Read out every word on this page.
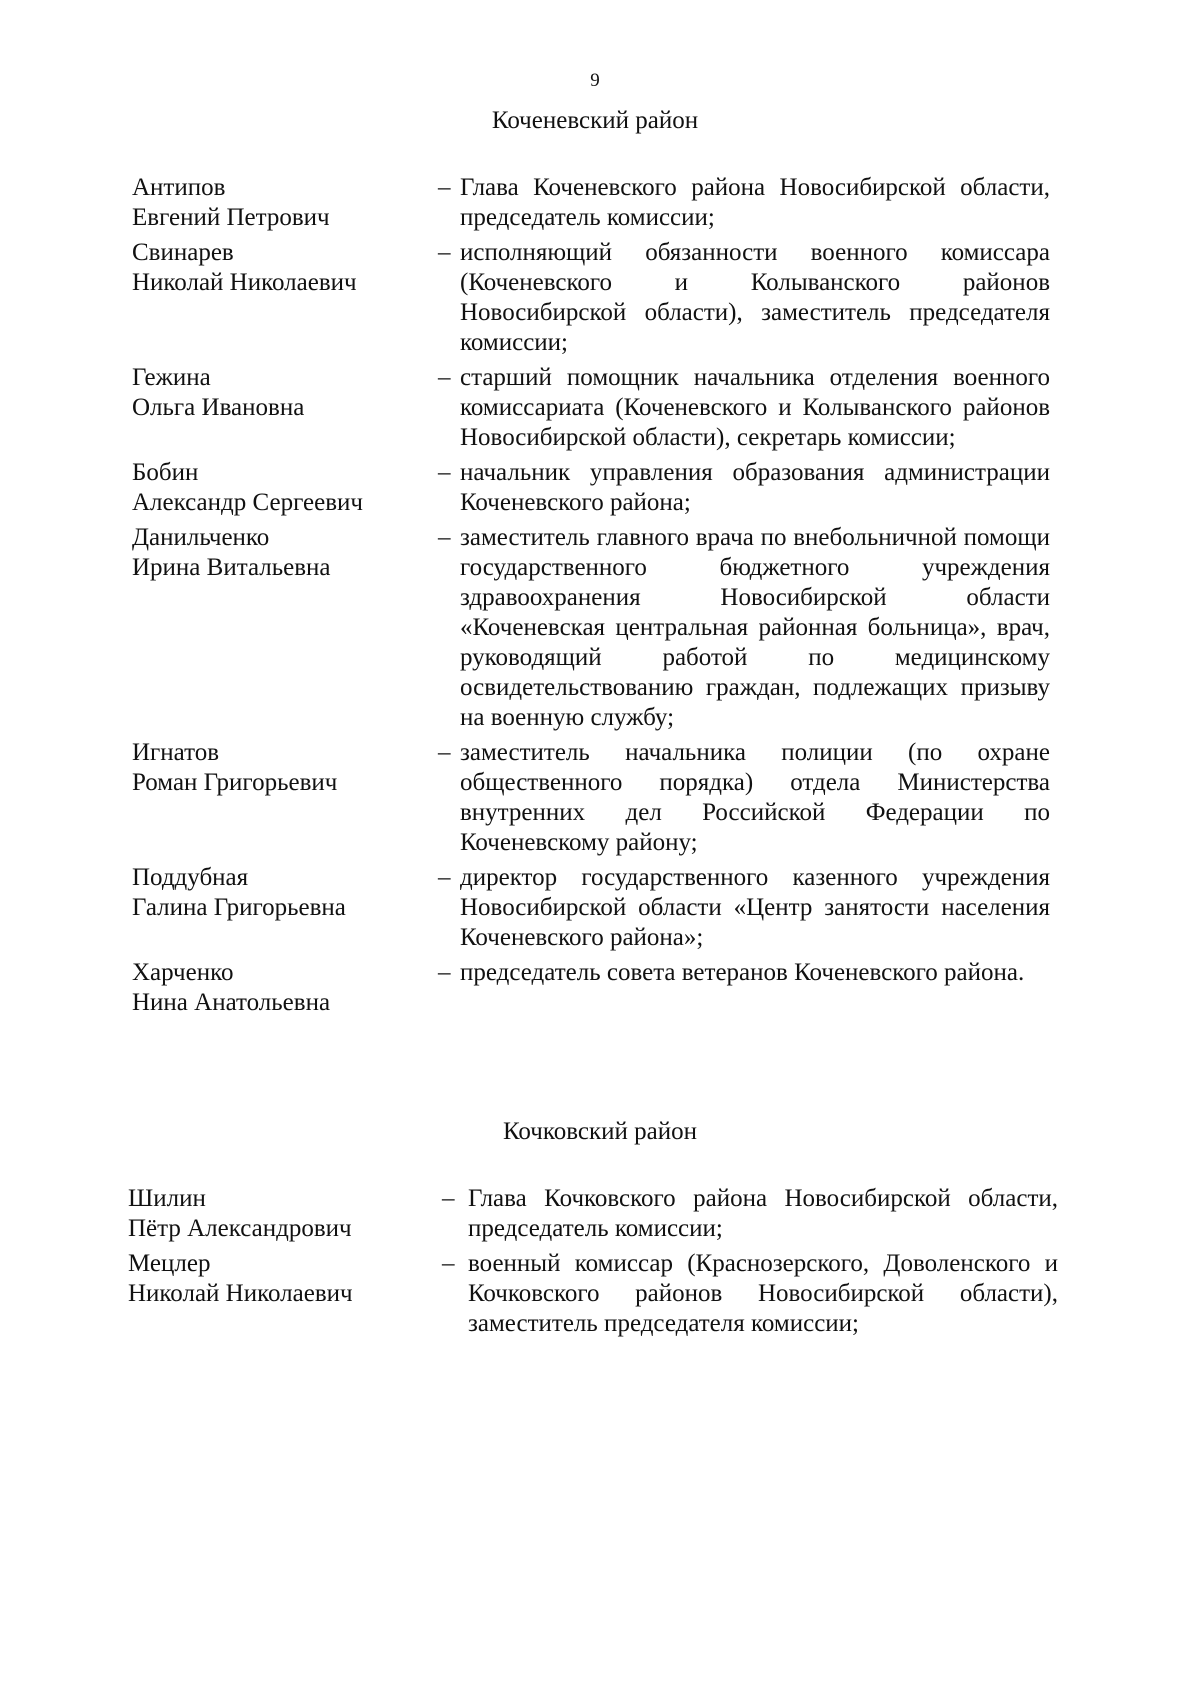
9
Коченевский район
Антипов
Евгений Петрович
– Глава Коченевского района Новосибирской области, председатель комиссии;
Свинарев
Николай Николаевич
– исполняющий обязанности военного комиссара (Коченевского и Колыванского районов Новосибирской области), заместитель председателя комиссии;
Гежина
Ольга Ивановна
– старший помощник начальника отделения военного комиссариата (Коченевского и Колыванского районов Новосибирской области), секретарь комиссии;
Бобин
Александр Сергеевич
– начальник управления образования администрации Коченевского района;
Данильченко
Ирина Витальевна
– заместитель главного врача по внебольничной помощи государственного бюджетного учреждения здравоохранения Новосибирской области «Коченевская центральная районная больница», врач, руководящий работой по медицинскому освидетельствованию граждан, подлежащих призыву на военную службу;
Игнатов
Роман Григорьевич
– заместитель начальника полиции (по охране общественного порядка) отдела Министерства внутренних дел Российской Федерации по Коченевскому району;
Поддубная
Галина Григорьевна
– директор государственного казенного учреждения Новосибирской области «Центр занятости населения Коченевского района»;
Харченко
Нина Анатольевна
– председатель совета ветеранов Коченевского района.
Кочковский район
Шилин
Пётр Александрович
– Глава Кочковского района Новосибирской области, председатель комиссии;
Мецлер
Николай Николаевич
– военный комиссар (Краснозерского, Доволенского и Кочковского районов Новосибирской области), заместитель председателя комиссии;
